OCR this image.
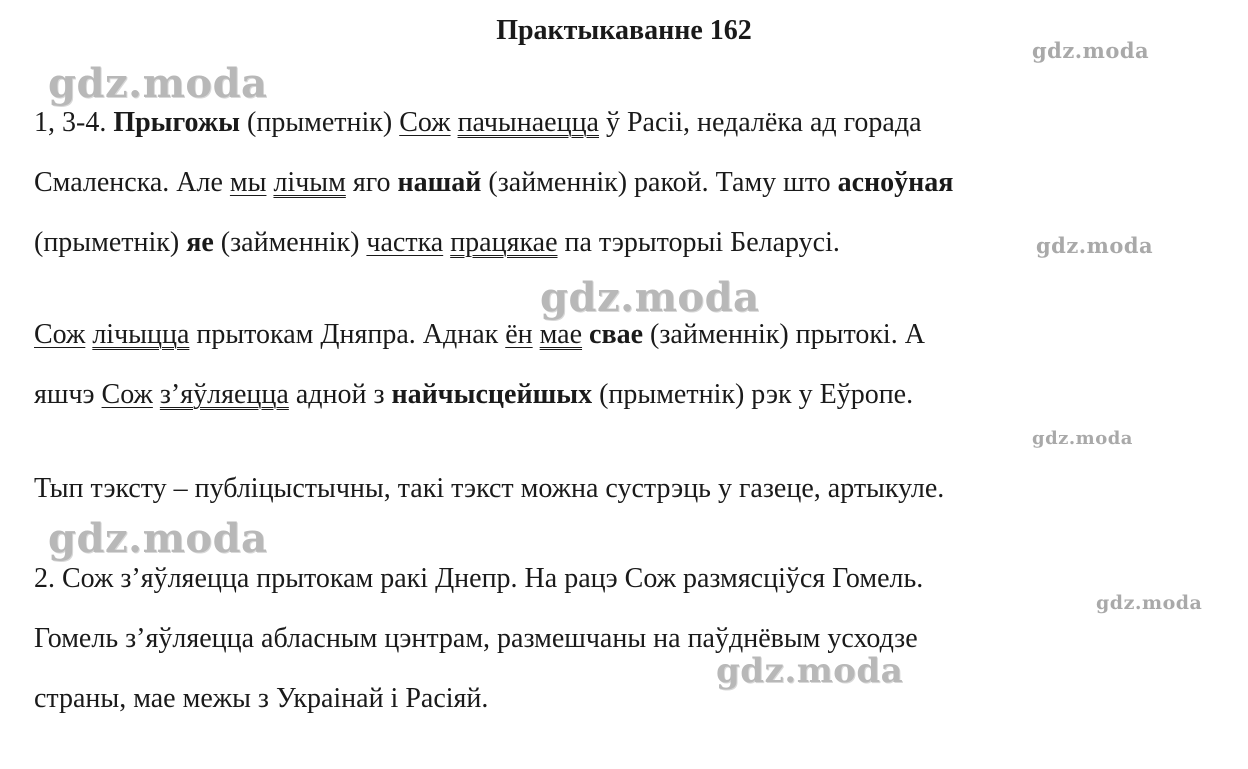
Практыкаванне 162
gdz.moda
gdz.moda
gdz.moda
gdz.moda
gdz.moda
gdz.moda
gdz.moda
gdz.moda
1, 3-4. Прыгожы (прыметнік) Сож пачынаецца ў Расіі, недалёка ад горада
Смаленска. Але мы лічым яго нашай (займеннік) ракой. Таму што асноўная
(прыметнік) яе (займеннік) частка працякае па тэрыторыі Беларусі.
Сож лічыцца прытокам Дняпра. Аднак ён мае свае (займеннік) прытокі. А
яшчэ Сож з’яўляецца адной з найчысцейшых (прыметнік) рэк у Еўропе.
Тып тэксту – публіцыстычны, такі тэкст можна сустрэць у газеце, артыкуле.
2. Сож з’яўляецца прытокам ракі Днепр. На рацэ Сож размясціўся Гомель.
Гомель з’яўляецца абласным цэнтрам, размешчаны на паўднёвым усходзе
страны, мае межы з Украінай і Расіяй.
